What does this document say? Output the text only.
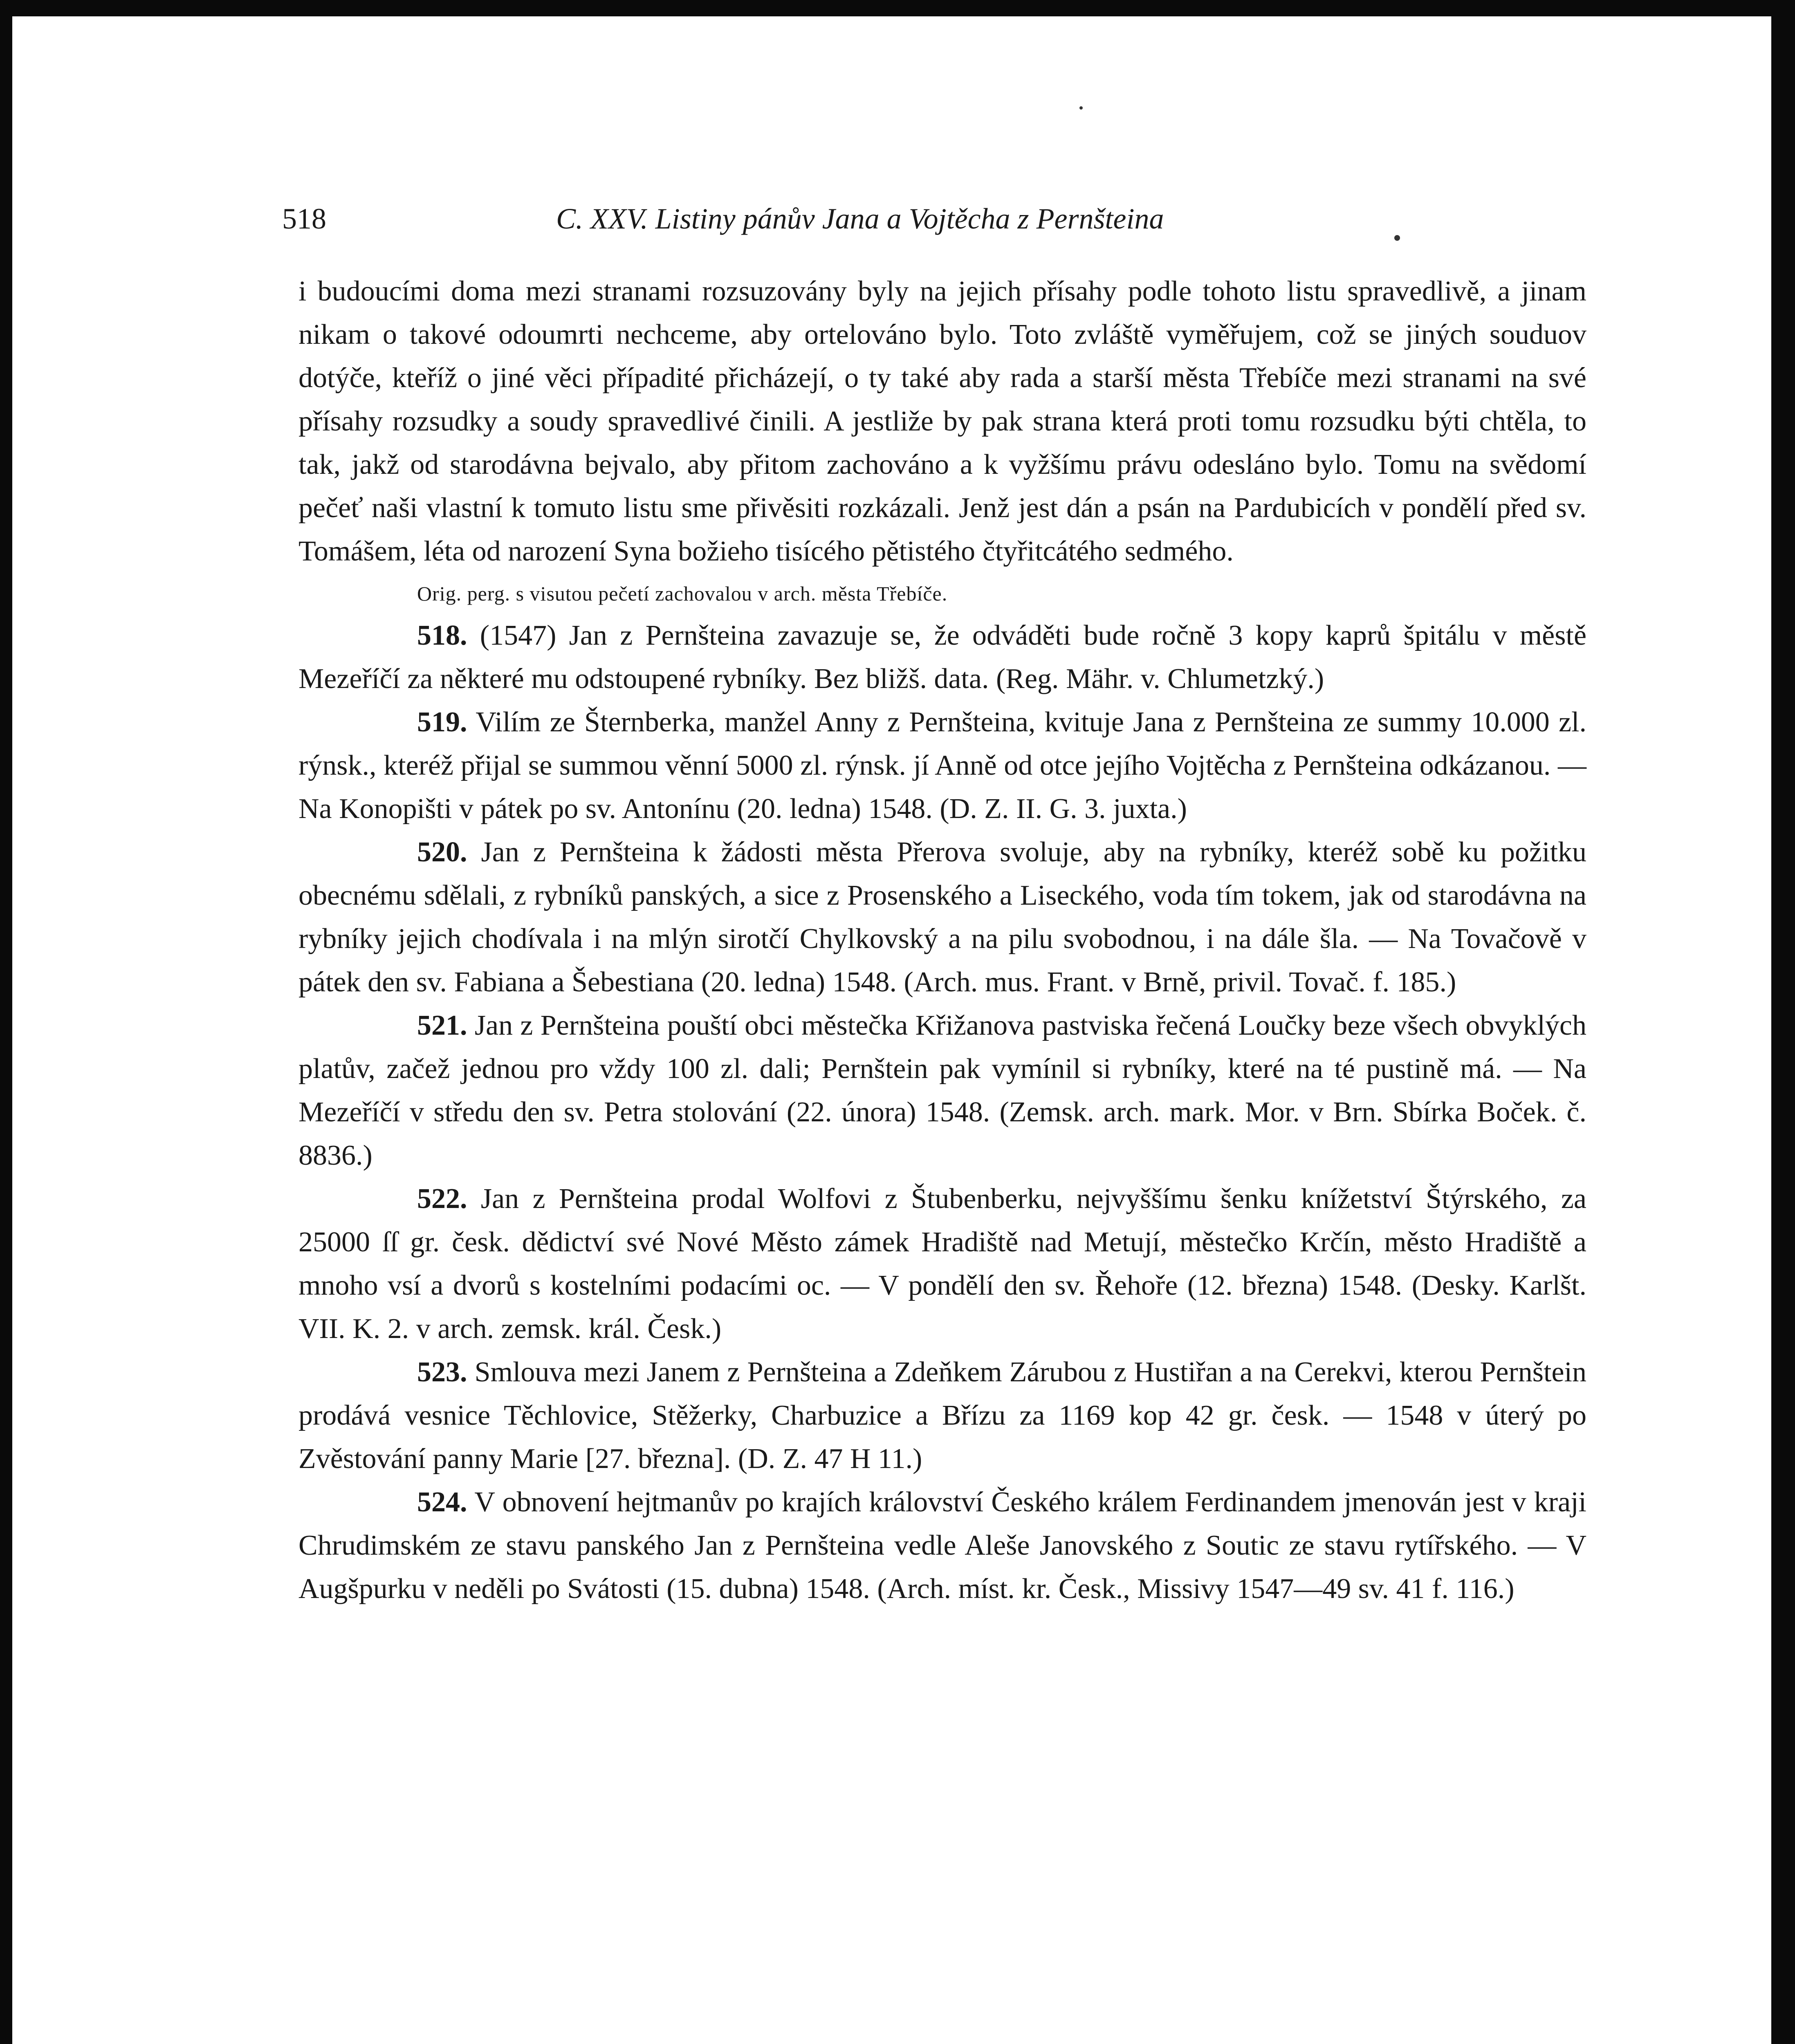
518	C. XXV. Listiny pánův Jana a Vojtěcha z Pernšteina

i budoucími doma mezi stranami rozsuzovány byly na jejich přísahy podle tohoto listu spravedlivě, a jinam nikam o takové odoumrti nechceme, aby ortelováno bylo. Toto zvláště vyměřujem, což se jiných souduov dotýče, kteříž o jiné věci případité přicházejí, o ty také aby rada a starší města Třebíče mezi stranami na své přísahy rozsudky a soudy spravedlivé činili. A jestliže by pak strana která proti tomu rozsudku býti chtěla, to tak, jakž od starodávna bejvalo, aby přitom zachováno a k vyžšímu právu odesláno bylo. Tomu na svědomí pečeť naši vlastní k tomuto listu sme přivěsiti rozkázali. Jenž jest dán a psán na Pardubicích v pondělí před sv. Tomášem, léta od narození Syna božieho tisícého pětistého čtyřitcátého sedmého.

Orig. perg. s visutou pečetí zachovalou v arch. města Třebíče.

518. (1547) Jan z Pernšteina zavazuje se, že odváděti bude ročně 3 kopy kaprů špitálu v městě Mezeříčí za některé mu odstoupené rybníky. Bez bližš. data. (Reg. Mähr. v. Chlumetzký.)

519. Vilím ze Šternberka, manžel Anny z Pernšteina, kvituje Jana z Pernšteina ze summy 10.000 zl. rýnsk., kteréž přijal se summou věnní 5000 zl. rýnsk. jí Anně od otce jejího Vojtěcha z Pernšteina odkázanou. — Na Konopišti v pátek po sv. Antonínu (20. ledna) 1548. (D. Z. II. G. 3. juxta.)

520. Jan z Pernšteina k žádosti města Přerova svoluje, aby na rybníky, kteréž sobě ku požitku obecnému sdělali, z rybníků panských, a sice z Prosenského a Liseckého, voda tím tokem, jak od starodávna na rybníky jejich chodívala i na mlýn sirotčí Chylkovský a na pilu svobodnou, i na dále šla. — Na Tovačově v pátek den sv. Fabiana a Šebestiana (20. ledna) 1548. (Arch. mus. Frant. v Brně, privil. Tovač. f. 185.)

521. Jan z Pernšteina pouští obci městečka Křižanova pastviska řečená Loučky beze všech obvyklých platův, začež jednou pro vždy 100 zl. dali; Pernštein pak vymínil si rybníky, které na té pustině má. — Na Mezeříčí v středu den sv. Petra stolování (22. února) 1548. (Zemsk. arch. mark. Mor. v Brn. Sbírka Boček. č. 8836.)

522. Jan z Pernšteina prodal Wolfovi z Štubenberku, nejvyššímu šenku knížetství Štýrského, za 25000 ſſ gr. česk. dědictví své Nové Město zámek Hradiště nad Metují, městečko Krčín, město Hradiště a mnoho vsí a dvorů s kostelními podacími oc. — V pondělí den sv. Řehoře (12. března) 1548. (Desky. Karlšt. VII. K. 2. v arch. zemsk. král. Česk.)

523. Smlouva mezi Janem z Pernšteina a Zdeňkem Zárubou z Hustiřan a na Cerekvi, kterou Pernštein prodává vesnice Těchlovice, Stěžerky, Charbuzice a Břízu za 1169 kop 42 gr. česk. — 1548 v úterý po Zvěstování panny Marie [27. března]. (D. Z. 47 H 11.)

524. V obnovení hejtmanův po krajích království Českého králem Ferdinandem jmenován jest v kraji Chrudimském ze stavu panského Jan z Pernšteina vedle Aleše Janovského z Soutic ze stavu rytířského. — V Augšpurku v neděli po Svátosti (15. dubna) 1548. (Arch. míst. kr. Česk., Missivy 1547—49 sv. 41 f. 116.)
